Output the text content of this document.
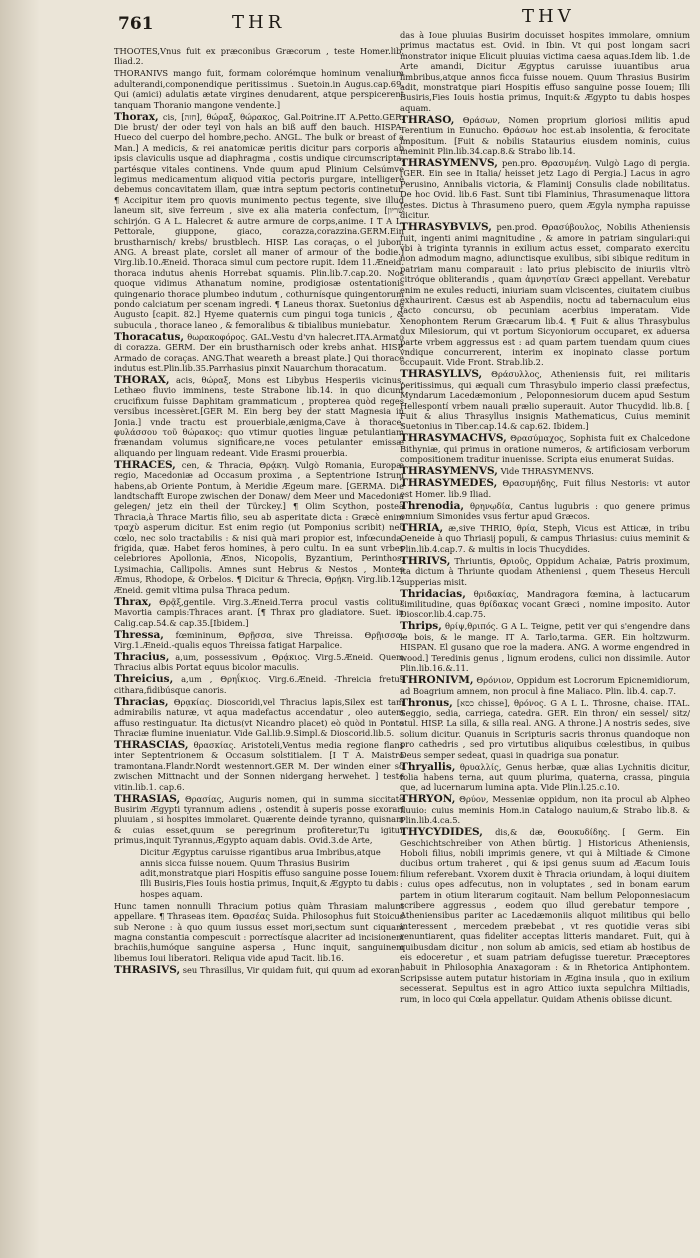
761	THR	THV

THOOTES,Vnus fuit ex præconibus Græcorum , teste Homer.lib. Iliad.2.

THORANIVS mango fuit, formam colorémque hominum venalium adulterandi,componendique peritissimus . Suetoin.in Augus.cap.69. Qui (amici) adulatis ætate virgines denudarent, atque perspicerent tanquam Thoranio mangone vendente.]

Thorax, cis, [חזה], θώραξ, θώρακος, Gal.Poitrine.IT A.Petto.GER. Die brust/ der oder teyl von hals an biß auff den bauch. HISPA. Hueco del cuerpo del hombre,pecho. ANGL. The bulk or breast of a Man.] A medicis, & rei anatomicæ peritis dicitur pars corporis ab ipsis claviculis usque ad diaphragma , costis undique circumscripta, partésque vitales continens. Vnde quum apud Plinium Celsúmve legimus medicamentum aliquod vitia pectoris purgare, intelligere debemus concavitatem illam, quæ intra septum pectoris continetur. ¶ Accipitur item pro quovis munimento pectus tegente, sive illud laneum sit, sive ferreum , sive ex alia materia confectum, [שריון schirjón. G A L. Halecret & autre armure de corps,anime. I T A L. Pettorale, giuppone, giaco, corazza,corazzina.GERM.Ein brustharnisch/ krebs/ brustblech. HISP. Las coraças, o el jubon. ANG. A breast plate, corslet all maner of armour of the bodie.] Virg.lib.10.Æneid. Thoraca simul cum pectore rupit. Idem 11.Æneid. thoraca indutus ahenis Horrebat squamis. Plin.lib.7.cap.20. Nos quoque vidimus Athanatum nomine, prodigiosæ ostentationis quingenario thorace plumbeo indutum , cothurnísque quingentorum pondo calciatum per scenam ingredi. ¶ Laneus thorax. Suetonius de Augusto [capit. 82.] Hyeme quaternis cum pingui toga tunicis , & subucula , thorace laneo , & femoralibus & tibialibus muniebatur.

Thoracatus, θωρακοφόρος. GAL.Vestu d'vn halecret.ITA.Armato di corazza. GERM. Der ein brustharnisch oder krebs anhat. HISP. Armado de coraças. ANG.That weareth a breast plate.] Qui thorace indutus est.Plin.lib.35.Parrhasius pinxit Nauarchum thoracatum.

THORAX, acis, θώραξ, Mons est Libybus Hesperiis vicinus, Lethæo fluvio imminens, teste Strabone lib.14. in quo dicunt crucifixum fuisse Daphitam grammaticum , propterea quòd reges versibus incessèret.[GER M. Ein berg bey der statt Magnesia in Jonia.] vnde tractu est prouerbiale,ænigma,Cave à thorace, φυλάσσου τοῦ θώρακος: quo vtimur quoties linguæ petulantiam frænandam volumus significare,ne voces petulanter emissæ aliquando per linguam redeant. Vide Erasmi prouerbia.

THRACES, cen, & Thracia, Θρᾴκη. Vulgò Romania, Europæ regio, Macedoniæ ad Occasum proxima , a Septentrione Istrum habens,ab Oriente Pontum, à Meridie Ægeum mare. [GERMA. Die landtschafft Europe zwischen der Donaw/ dem Meer und Macedonia gelegen/ jetz ein theil der Türckey.] ¶ Olim Scython, postea Thracia,à Thrace Martis filio, seu ab asperitate dicta : Græcè enim τραχὺ asperum dicitur. Est enim regio (ut Pomponius scribit) nec cœlo, nec solo tractabilis : & nisi quà mari propior est, infœcunda, frigida, quæ. Habet feros homines, à pero cultu. In ea sunt vrbes celebriores Apollonia, Ænos, Nicopolis, Byzantium, Perinthos, Lysimachia, Callipolis. Amnes sunt Hebrus & Nestos , Montes Æmus, Rhodope, & Orbelos. ¶ Dicitur & Threcia, Θρῄκη. Virg.lib.12. Æneid. gemit vltima pulsa Thraca pedum.

Thrax, Θρᾷξ,gentile. Virg.3.Æneid.Terra procul vastis colitur Mavortia campis:Thraces arant. [¶ Thrax pro gladiatore. Suet. in Calig.cap.54.& cap.35.[Ibidem.]

Thressa, fœmininum, Θρῇσσα, sive Threissa. Θρῇισσα. Virg.1.Æneid.-qualis equos Threissa fatigat Harpalice.

Thracius, a,um, possessivum , Θρᾴκιος. Virg.5.Æneid. Quem Thracius albis Portat equus bicolor maculis.

Threicius, a,um , Θρηΐκιος. Virg.6.Æneid. -Threicia fretus cithara,fidibúsque canoris.

Thracias, Θρᾳκίας. Dioscoridi,vel Thracius lapis,Silex est tam admirabilis naturæ, vt aqua madefactus accendatur , oleo autem affuso restinguatur. Ita dictus(vt Nicandro placet) eò quòd in Ponto Thraciæ flumine inueniatur. Vide Gal.lib.9.Simpl.& Dioscorid.lib.5.

THRASCIAS, θρασκίας. Aristoteli,Ventus media regione flans inter Septentrionem & Occasum solstitialem. [I T A. Maistro tramontana.Flandr.Nordt westennort.GER M. Der winden einer so zwischen Mittnacht und der Sonnen nidergang herwehet. ] teste vitin.lib.1. cap.6.

THRASIAS, Θρασίας, Auguris nomen, qui in summa siccitate Busirim Ægypti tyrannum adiens , ostendit à superis posse exorari pluuiam , si hospites immolaret. Quærente deinde tyranno, quisnam & cuias esset,quum se peregrinum profiteretur,Tu igitur primus,inquit Tyrannus,Ægypto aquam dabis. Ovid.3.de Arte,

Dicitur Ægyptus caruisse rigantibus arua Imbribus,atque annis sicca fuisse nouem. Quum Thrasius Busirim adit,monstratque piari Hospitis effuso sanguine posse Iouem: Illi Busiris,Fies Iouis hostia primus, Inquit,& Ægypto tu dabis hospes aquam.

Hunc tamen nonnulli Thracium potius quàm Thrasiam malunt appellare. ¶ Thraseas item. Θρασέας Suida. Philosophus fuit Stoicus sub Nerone : à quo quum iussus esset mori,sectum sunt ciquam magna constantia compescuit : porrectísque alacriter ad incisionem brachiis,humóque sanguine aspersa , Hunc inquit, sanguinem libemus Ioui liberatori. Reliqua vide apud Tacit. lib.16.

THRASIVS, seu Thrasillus, Vir quidam fuit, qui quum ad exoran-

das à Ioue pluuias Busirim docuisset hospites immolare, omnium primus mactatus est. Ovid. in Ibin. Vt qui post longam sacri monstrator inique Elicuit pluuias victima caesa aquas.Idem lib. 1.de Arte amandi, Dicitur Ægyptus caruisse iuuantibus arua limbribus,atque annos ficca fuisse nouem. Quum Thrasius Busirim adit, monstratque piari Hospitis effuso sanguine posse Iouem; Illi Busiris,Fies Iouis hostia primus, Inquit:& Ægypto tu dabis hospes aquam.

THRASO, Θράσων, Nomen proprium gloriosi militis apud Terentium in Eunucho. Θράσων hoc est.ab insolentia, & ferocitate impositum. [Fuit & nobilis Stataurius eiusdem nominis, cuius meminit Plin.lib.34.cap.8.& Strabo lib.14.

THRASYMENVS, pen.pro. Θρασυμένη. Vulgò Lago di pergia. [GER. Ein see in Italia/ heisset jetz Lago di Pergia.] Lacus in agro Perusino, Annibalis victoria, & Flaminij Consulis clade nobilitatus. De hoc Ovid. lib.6 Fast. Sunt tibi Flaminius, Thrasumenaque littora testes. Dictus à Thrasumeno puero, quem Ægyla nympha rapuisse dicitur.

THRASYBVLVS, pen.prod. Θρασύβουλος, Nobilis Atheniensis fuit, ingenti animi magnitudine , & amore in patriam singulari:qui vbi à triginta tyrannis in exilium actus esset, comparato exercitu non admodum magno, adiunctisque exulibus, sibi sibique reditum in patriam manu comparauit : lato prius plebiscito de iniuriis vltrò citróque obliterandis , quam ἀμνηστίαν Græci appellant. Verebatur enim ne exules reducti, iniuriam suam vlciscentes, ciuitatem ciuibus exhaurirent. Cæsus est ab Aspendiis, noctu ad tabernaculum eius facto concursu, ob pecuniam acerbius imperatam. Vide Xenophontem Rerum Græcarum lib.4. ¶ Fuit & alius Thrasybulus dux Milesiorum, qui vt portum Sicyoniorum occuparet, ex aduersa parte vrbem aggressus est : ad quam partem tuendam quum ciues vndique concurrerent, interim ex inopinato classe portum occupauit. Vide Front. Strab.lib.2.

THRASYLLVS, Θράσυλλος, Atheniensis fuit, rei militaris peritissimus, qui æquali cum Thrasybulo imperio classi præfectus, Myndarum Lacedæmonium , Peloponnesiorum ducem apud Sestum Hellespontí vrbem nauali prælio superauit. Autor Thucydid. lib.8. [ Fuit & alius Thrasyllus insignis Mathematicus, Cuius meminit Suetonius in Tiber.cap.14.& cap.62. Ibidem.]

THRASYMACHVS, Θρασύμαχος, Sophista fuit ex Chalcedone Bithyniæ, qui primus in oratione numeros, & artificiosam verborum compositionem traditur inuenisse. Scripta eius enumerat Suidas.

THRASYMENVS, Vide THRASYMENVS.

THRASYMEDES, Θρασυμήδης, Fuit filius Nestoris: vt autor est Homer. lib.9 Iliad.

Threnodia, θρηνῳδία, Cantus lugubris : quo genere primus omnium Simonides vsus fertur apud Græcos.

THRIA, æ,sive THRIO, θρία, Steph, Vicus est Atticæ, in tribu Oeneide à quo Thriasij populi, & campus Thriasius: cuius meminit & Plin.lib.4.cap.7. & multis in locis Thucydides.

THRIVS, Thriuntis, Θριοῦς, Oppidum Achaiæ, Patris proximum, ita dictum à Thriunte quodam Atheniensi , quem Theseus Herculi supperias misit.

Thridacias, θριδακίας, Mandragora fœmina, à lactucarum similitudine, quas θρίδακας vocant Græci , nomine imposito. Autor Dioscor.lib.4.cap.75.

Thrips, θρίψ,θριπός. G A L. Teigne, petit ver qui s'engendre dans le bois, & le mange. IT A. Tarlo,tarma. GER. Ein holtzwurm. HISPAN. El gusano que roe la madera. ANG. A worme engendred in wood.] Teredinis genus , lignum erodens, culici non dissimile. Autor Plin.lib.16.&.11.

THRONIVM, Θρόνιον, Oppidum est Locrorum Epicnemidiorum, ad Boagrium amnem, non procul à fine Maliaco. Plin. lib.4. cap.7.

Thronus, [כסא chisse], θρόνος. G A L L. Throsne, chaise. ITAL. Seggio, sedia, carriega, catedra. GER. Ein thron/ ein sessel/ sitz/ stul. HISP. La silla, & silla real. ANG. A throne.] A nostris sedes, sive solium dicitur. Quanuis in Scripturis sacris thronus quandoque non pro cathedris , sed pro virtutibus aliquibus cœlestibus, in quibus Deus semper sedeat, quasi in quadriga sua ponatur.

Thryallis, θρυαλλίς, Genus herbæ, quæ alias Lychnitis dicitur, folia habens terna, aut quum plurima, quaterna, crassa, pinguia que, ad lucernarum lumina apta. Vide Plin.l.25.c.10.

THRYON, Θρύον, Messeniæ oppidum, non ita procul ab Alpheo fluuio: cuius meminis Hom.in Catalogo nauium,& Strabo lib.8. & Plin.lib.4.ca.5.

THYCYDIDES, dis,& dæ, Θουκυδίδης. [ Germ. Ein Geschichtschreiber von Athen bürtig. ] Historicus Atheniensis, Hoboli filius, nobili imprimis genere, vt qui à Miltiade & Cimone ducibus ortum traheret , qui & ipsi genus suum ad Æacum Iouis filium referebant. Vxorem duxit è Thracia oriundam, à loqui diuitem : cuius opes adfecutus, non in voluptates , sed in bonam earum partem in otium literarum cogitauit. Nam bellum Peloponnesiacum scribere aggressus , eodem quo illud gerebatur tempore , Atheniensibus pariter ac Lacedæmoniis aliquot militibus qui bello interessent , mercedem præbebat , vt res quotidie veras sibi renuntiarent, quas fideliter acceptas litteris mandaret. Fuit, qui à quibusdam dicitur , non solum ab amicis, sed etiam ab hostibus de eis edoceretur , et suam patriam defugisse tueretur. Præceptores habuit in Philosophia Anaxagoram : & in Rhetorica Antiphontem. Scripsisse autem putatur historiam in Ægina insula , quo in exilium secesserat. Sepultus est in agro Attico iuxta sepulchra Miltiadis, rum, in loco qui Cœla appellatur. Quidam Athenis obiisse dicunt.
